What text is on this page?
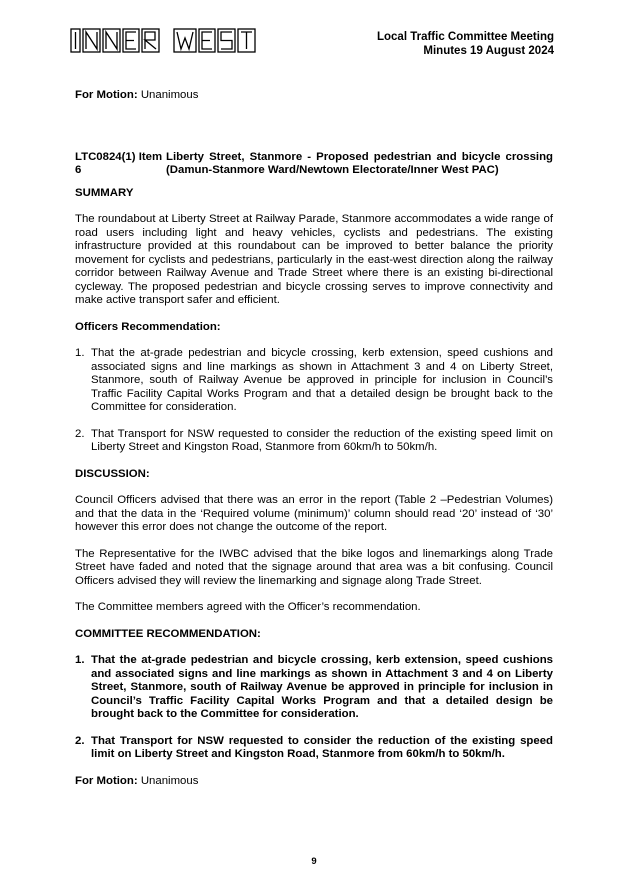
Local Traffic Committee Meeting
Minutes 19 August 2024

For Motion: Unanimous

LTC0824(1) Item 6
Liberty Street, Stanmore - Proposed pedestrian and bicycle crossing (Damun-Stanmore Ward/Newtown Electorate/Inner West PAC)
SUMMARY

The roundabout at Liberty Street at Railway Parade, Stanmore accommodates a wide range of road users including light and heavy vehicles, cyclists and pedestrians. The existing infrastructure provided at this roundabout can be improved to better balance the priority movement for cyclists and pedestrians, particularly in the east-west direction along the railway corridor between Railway Avenue and Trade Street where there is an existing bi-directional cycleway. The proposed pedestrian and bicycle crossing serves to improve connectivity and make active transport safer and efficient.

Officers Recommendation:
1. That the at-grade pedestrian and bicycle crossing, kerb extension, speed cushions and associated signs and line markings as shown in Attachment 3 and 4 on Liberty Street, Stanmore, south of Railway Avenue be approved in principle for inclusion in Council’s Traffic Facility Capital Works Program and that a detailed design be brought back to the Committee for consideration.
2. That Transport for NSW requested to consider the reduction of the existing speed limit on Liberty Street and Kingston Road, Stanmore from 60km/h to 50km/h.
DISCUSSION:

Council Officers advised that there was an error in the report (Table 2 –Pedestrian Volumes) and that the data in the ‘Required volume (minimum)’ column should read ‘20’ instead of ‘30’ however this error does not change the outcome of the report.

The Representative for the IWBC advised that the bike logos and linemarkings along Trade Street have faded and noted that the signage around that area was a bit confusing. Council Officers advised they will review the linemarking and signage along Trade Street.

The Committee members agreed with the Officer’s recommendation.

COMMITTEE RECOMMENDATION:
1. That the at-grade pedestrian and bicycle crossing, kerb extension, speed cushions and associated signs and line markings as shown in Attachment 3 and 4 on Liberty Street, Stanmore, south of Railway Avenue be approved in principle for inclusion in Council’s Traffic Facility Capital Works Program and that a detailed design be brought back to the Committee for consideration.
2. That Transport for NSW requested to consider the reduction of the existing speed limit on Liberty Street and Kingston Road, Stanmore from 60km/h to 50km/h.

For Motion: Unanimous

9
